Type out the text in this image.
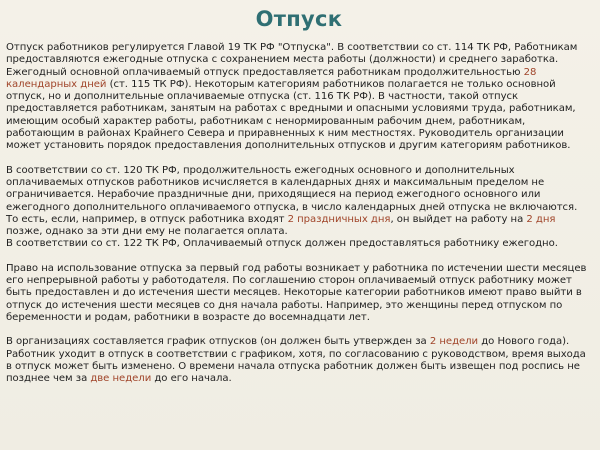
Отпуск

Отпуск работников регулируется Главой 19 ТК РФ "Отпуска". В соответствии со ст. 114 ТК РФ, Работникам предоставляются ежегодные отпуска с сохранением места работы (должности) и среднего заработка. Ежегодный основной оплачиваемый отпуск предоставляется работникам продолжительностью 28 календарных дней (ст. 115 ТК РФ). Некоторым категориям работников полагается не только основной отпуск, но и дополнительные оплачиваемые отпуска (ст. 116 ТК РФ). В частности, такой отпуск предоставляется работникам, занятым на работах с вредными и опасными условиями труда, работникам, имеющим особый характер работы, работникам с ненормированным рабочим днем, работникам, работающим в районах Крайнего Севера и приравненных к ним местностях. Руководитель организации может установить порядок предоставления дополнительных отпусков и другим категориям работников.

В соответствии со ст. 120 ТК РФ, продолжительность ежегодных основного и дополнительных оплачиваемых отпусков работников исчисляется в календарных днях и максимальным пределом не ограничивается. Нерабочие праздничные дни, приходящиеся на период ежегодного основного или ежегодного дополнительного оплачиваемого отпуска, в число календарных дней отпуска не включаются. То есть, если, например, в отпуск работника входят 2 праздничных дня, он выйдет на работу на 2 дня позже, однако за эти дни ему не полагается оплата.
В соответствии со ст. 122 ТК РФ, Оплачиваемый отпуск должен предоставляться работнику ежегодно.

Право на использование отпуска за первый год работы возникает у работника по истечении шести месяцев его непрерывной работы у работодателя. По соглашению сторон оплачиваемый отпуск работнику может быть предоставлен и до истечения шести месяцев. Некоторые категории работников имеют право выйти в отпуск до истечения шести месяцев со дня начала работы. Например, это женщины перед отпуском по беременности и родам, работники в возрасте до восемнадцати лет.

В организациях составляется график отпусков (он должен быть утвержден за 2 недели до Нового года). Работник уходит в отпуск в соответствии с графиком, хотя, по согласованию с руководством, время выхода в отпуск может быть изменено. О времени начала отпуска работник должен быть извещен под роспись не позднее чем за две недели до его начала.
